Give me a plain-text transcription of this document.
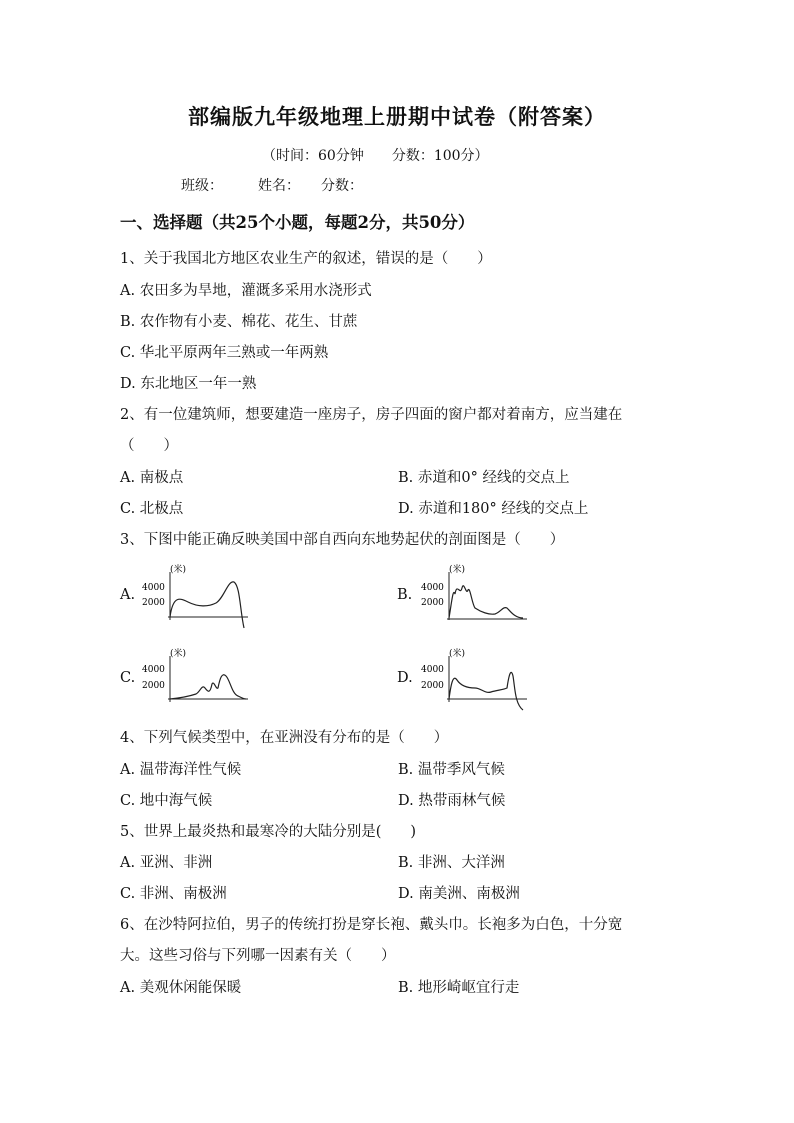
部编版九年级地理上册期中试卷（附答案）
（时间：60分钟　　分数：100分）
班级：　　　姓名：　　分数：
一、选择题（共25个小题，每题2分，共50分）
1、关于我国北方地区农业生产的叙述，错误的是（　　）
A. 农田多为旱地，灌溉多采用水浇形式
B. 农作物有小麦、棉花、花生、甘蔗
C. 华北平原两年三熟或一年两熟
D. 东北地区一年一熟
2、有一位建筑师，想要建造一座房子，房子四面的窗户都对着南方，应当建在
（　　）
A. 南极点	B. 赤道和0° 经线的交点上
C. 北极点	D. 赤道和180° 经线的交点上
3、下图中能正确反映美国中部自西向东地势起伏的剖面图是（　　）
A.
(米)
4000
2000	B.
(米)
4000
2000
C.
(米)
4000
2000	D.
(米)
4000
2000
4、下列气候类型中，在亚洲没有分布的是（　　）
A. 温带海洋性气候	B. 温带季风气候
C. 地中海气候	D. 热带雨林气候
5、世界上最炎热和最寒冷的大陆分别是(　　)
A. 亚洲、非洲	B. 非洲、大洋洲
C. 非洲、南极洲	D. 南美洲、南极洲
6、在沙特阿拉伯，男子的传统打扮是穿长袍、戴头巾。长袍多为白色，十分宽
大。这些习俗与下列哪一因素有关（　　）
A. 美观休闲能保暖	B. 地形崎岖宜行走
